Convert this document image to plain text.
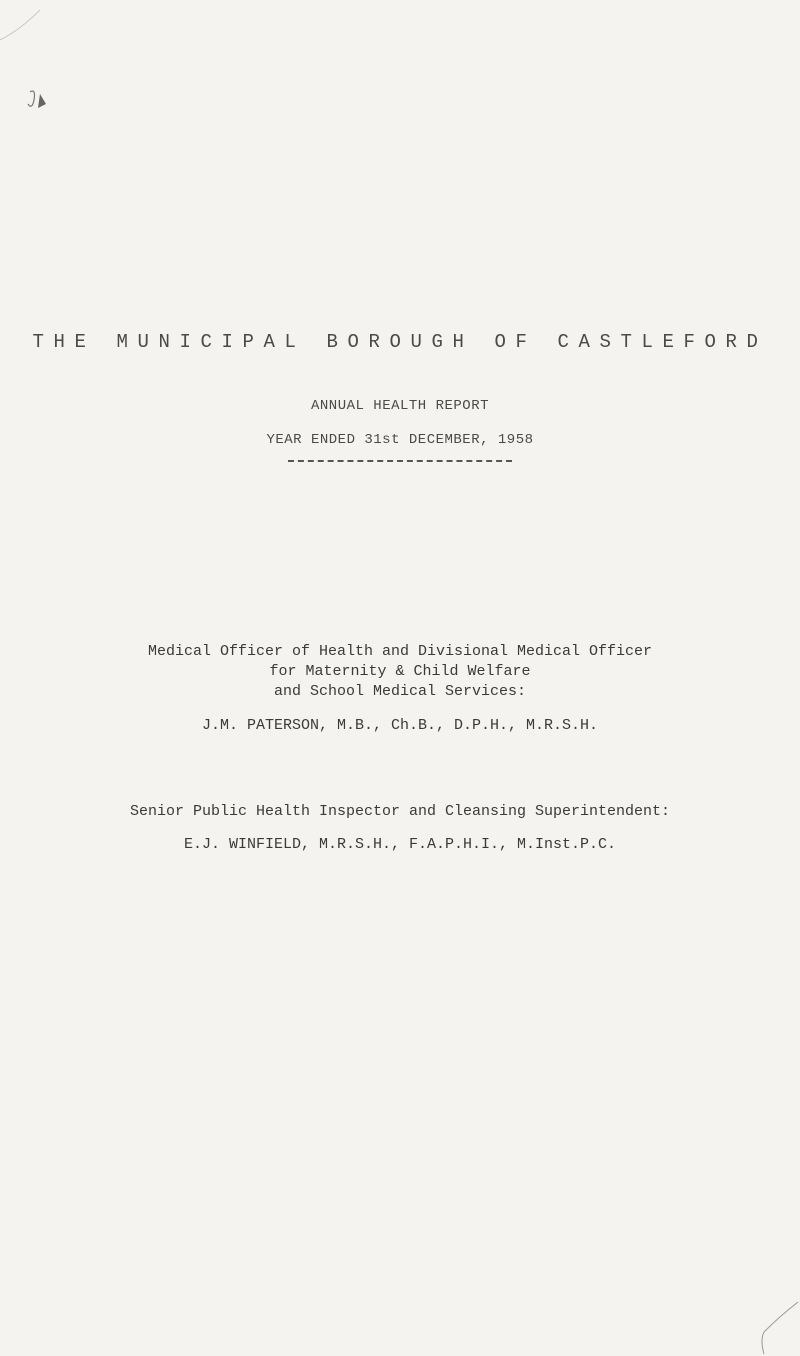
THE MUNICIPAL BOROUGH OF CASTLEFORD
ANNUAL HEALTH REPORT
YEAR ENDED 31st DECEMBER, 1958
Medical Officer of Health and Divisional Medical Officer
for Maternity & Child Welfare
and School Medical Services:
J.M. PATERSON, M.B., Ch.B., D.P.H., M.R.S.H.
Senior Public Health Inspector and Cleansing Superintendent:
E.J. WINFIELD, M.R.S.H., F.A.P.H.I., M.Inst.P.C.
